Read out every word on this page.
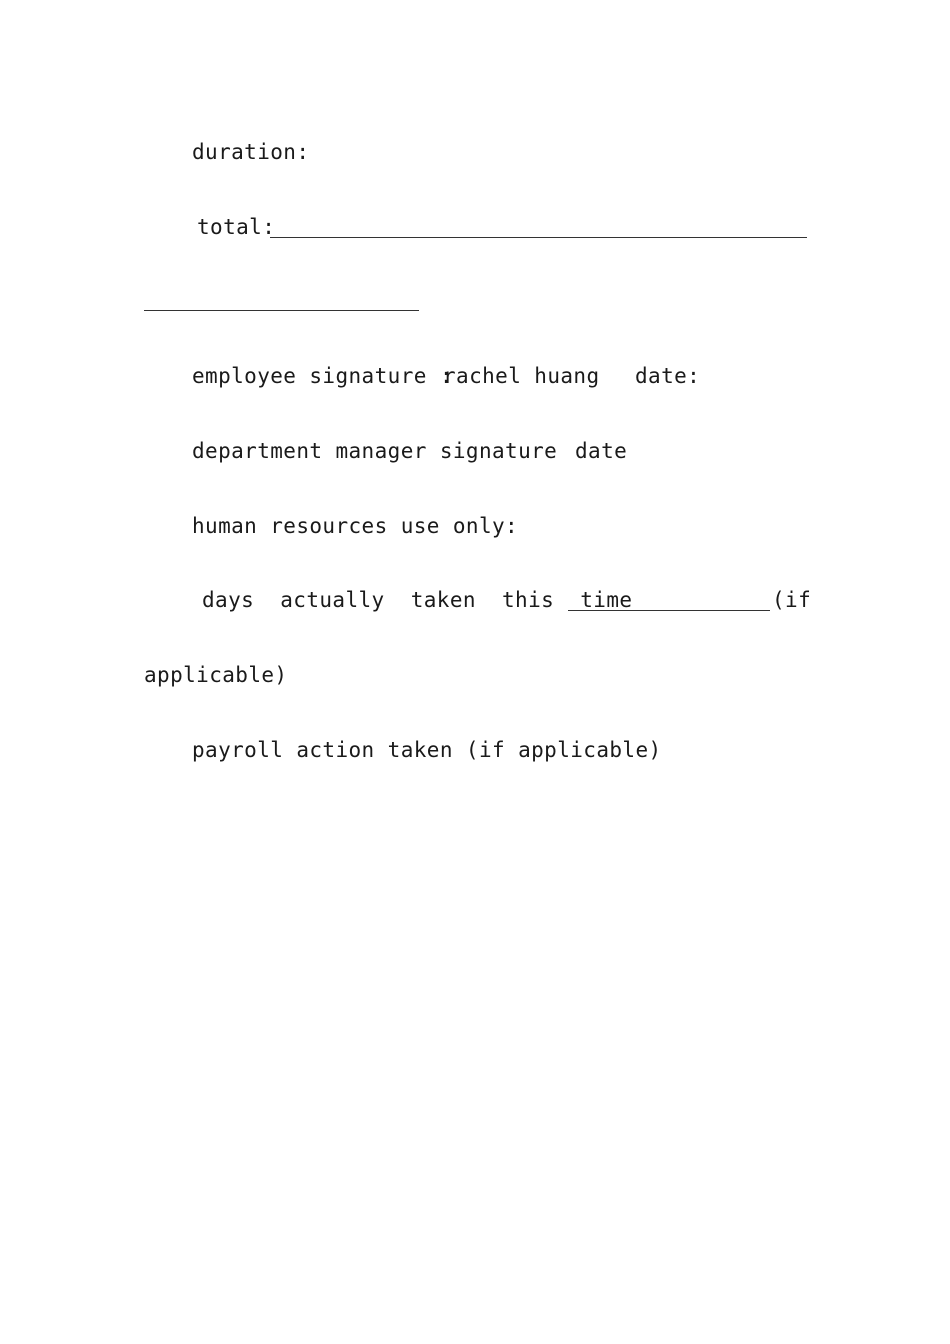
duration:
total:
employee signature :
rachel huang date:
department manager signature date
human resources use only:
days  actually  taken  this  time	(if
applicable)
payroll action taken (if applicable)
